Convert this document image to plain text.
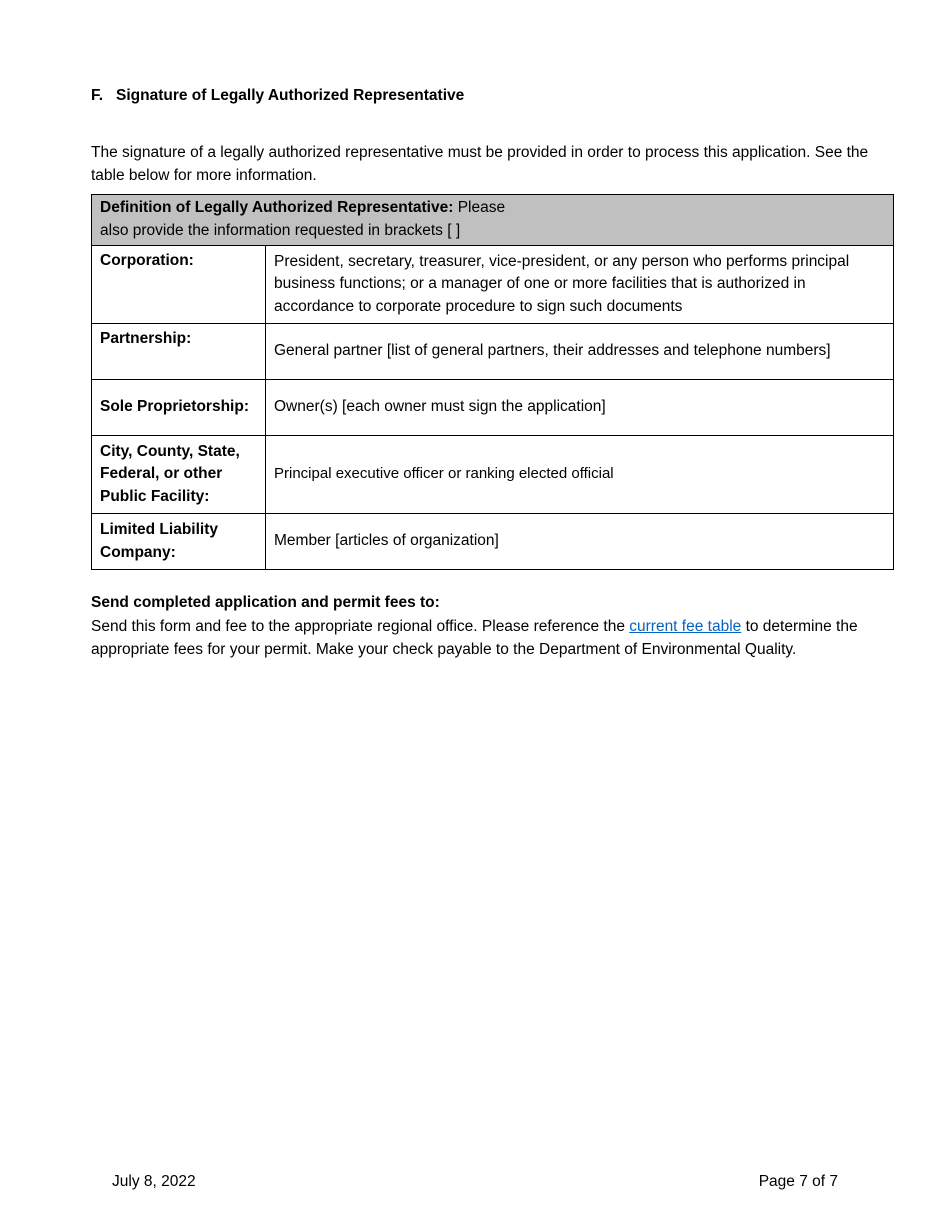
F. Signature of Legally Authorized Representative
The signature of a legally authorized representative must be provided in order to process this application. See the table below for more information.
Definition of Legally Authorized Representative: Please
also provide the information requested in brackets [ ]	
Corporation:	President, secretary, treasurer, vice-president, or any person who performs principal business functions; or a manager of one or more facilities that is authorized in accordance to corporate procedure to sign such documents
Partnership:	General partner [list of general partners, their addresses and telephone numbers]
Sole Proprietorship:	Owner(s) [each owner must sign the application]
City, County, State, Federal, or other Public Facility:	Principal executive officer or ranking elected official
Limited Liability Company:	Member [articles of organization]
Send completed application and permit fees to:
Send this form and fee to the appropriate regional office. Please reference the current fee table to determine the appropriate fees for your permit. Make your check payable to the Department of Environmental Quality.
July 8, 2022	Page 7 of 7
